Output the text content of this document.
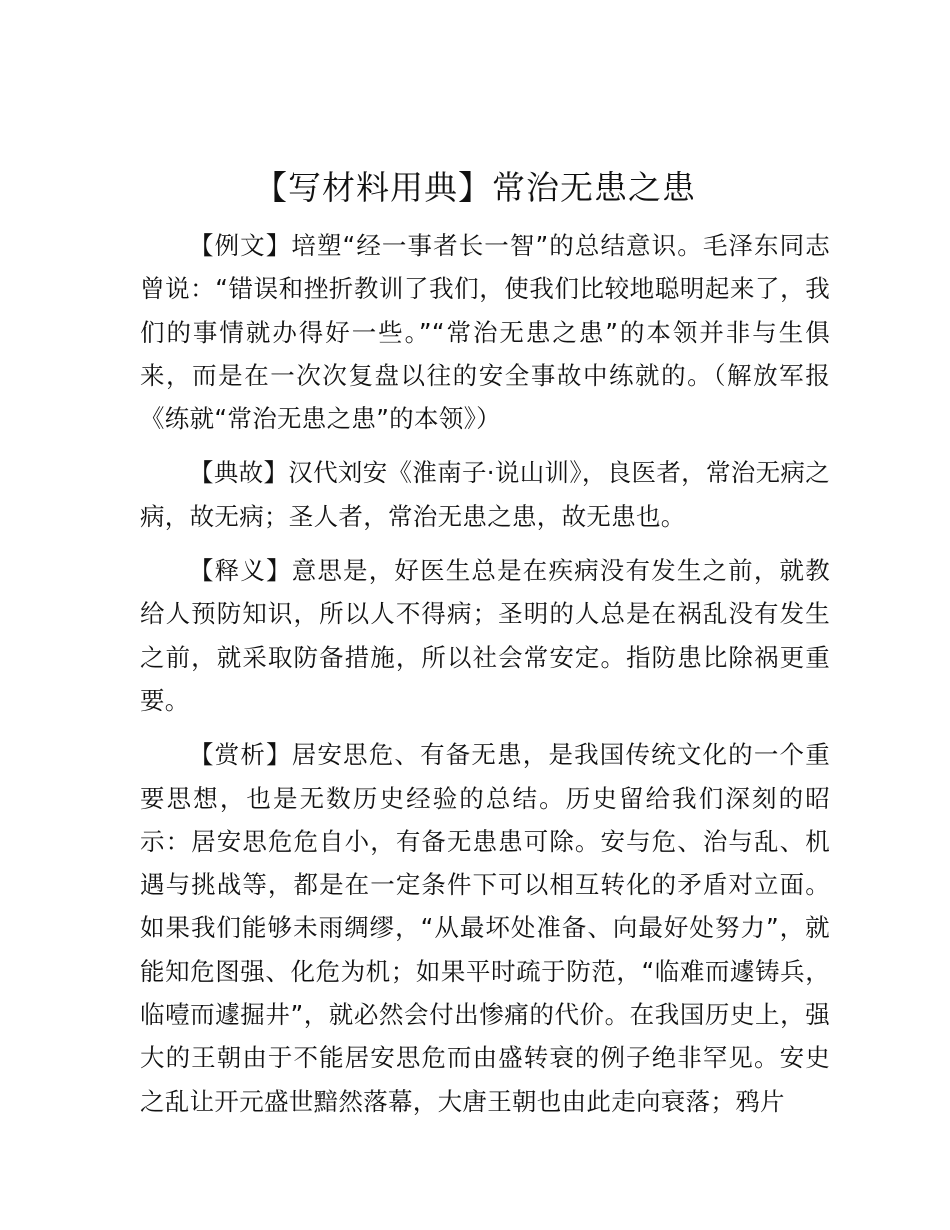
【写材料用典】常治无患之患

【例文】培塑“经一事者长一智”的总结意识。毛泽东同志曾说：“错误和挫折教训了我们，使我们比较地聪明起来了，我们的事情就办得好一些。”“常治无患之患”的本领并非与生俱来，而是在一次次复盘以往的安全事故中练就的。（解放军报《练就“常治无患之患”的本领》）

【典故】汉代刘安《淮南子·说山训》，良医者，常治无病之病，故无病；圣人者，常治无患之患，故无患也。

【释义】意思是，好医生总是在疾病没有发生之前，就教给人预防知识，所以人不得病；圣明的人总是在祸乱没有发生之前，就采取防备措施，所以社会常安定。指防患比除祸更重要。

【赏析】居安思危、有备无患，是我国传统文化的一个重要思想，也是无数历史经验的总结。历史留给我们深刻的昭示：居安思危危自小，有备无患患可除。安与危、治与乱、机遇与挑战等，都是在一定条件下可以相互转化的矛盾对立面。如果我们能够未雨绸缪，“从最坏处准备、向最好处努力”，就能知危图强、化危为机；如果平时疏于防范，“临难而遽铸兵，临噎而遽掘井”，就必然会付出惨痛的代价。在我国历史上，强大的王朝由于不能居安思危而由盛转衰的例子绝非罕见。安史之乱让开元盛世黯然落幕，大唐王朝也由此走向衰落；鸦片
